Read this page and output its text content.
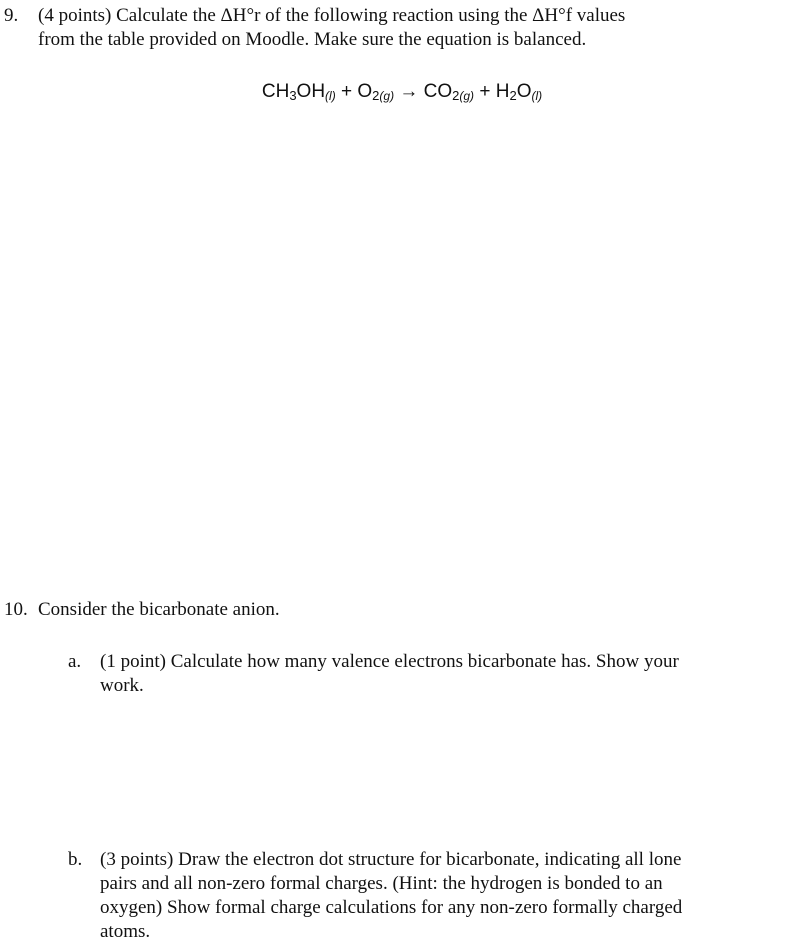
9. (4 points) Calculate the ΔH°r of the following reaction using the ΔH°f values
from the table provided on Moodle. Make sure the equation is balanced.
$CH_3OH(l) + O_2(g) \to CO_2(g) + H_2O(l)$
10. Consider the bicarbonate anion.
a. (1 point) Calculate how many valence electrons bicarbonate has. Show your
work.
b. (3 points) Draw the electron dot structure for bicarbonate, indicating all lone
pairs and all non-zero formal charges. (Hint: the hydrogen is bonded to an
oxygen) Show formal charge calculations for any non-zero formally charged
atoms.
